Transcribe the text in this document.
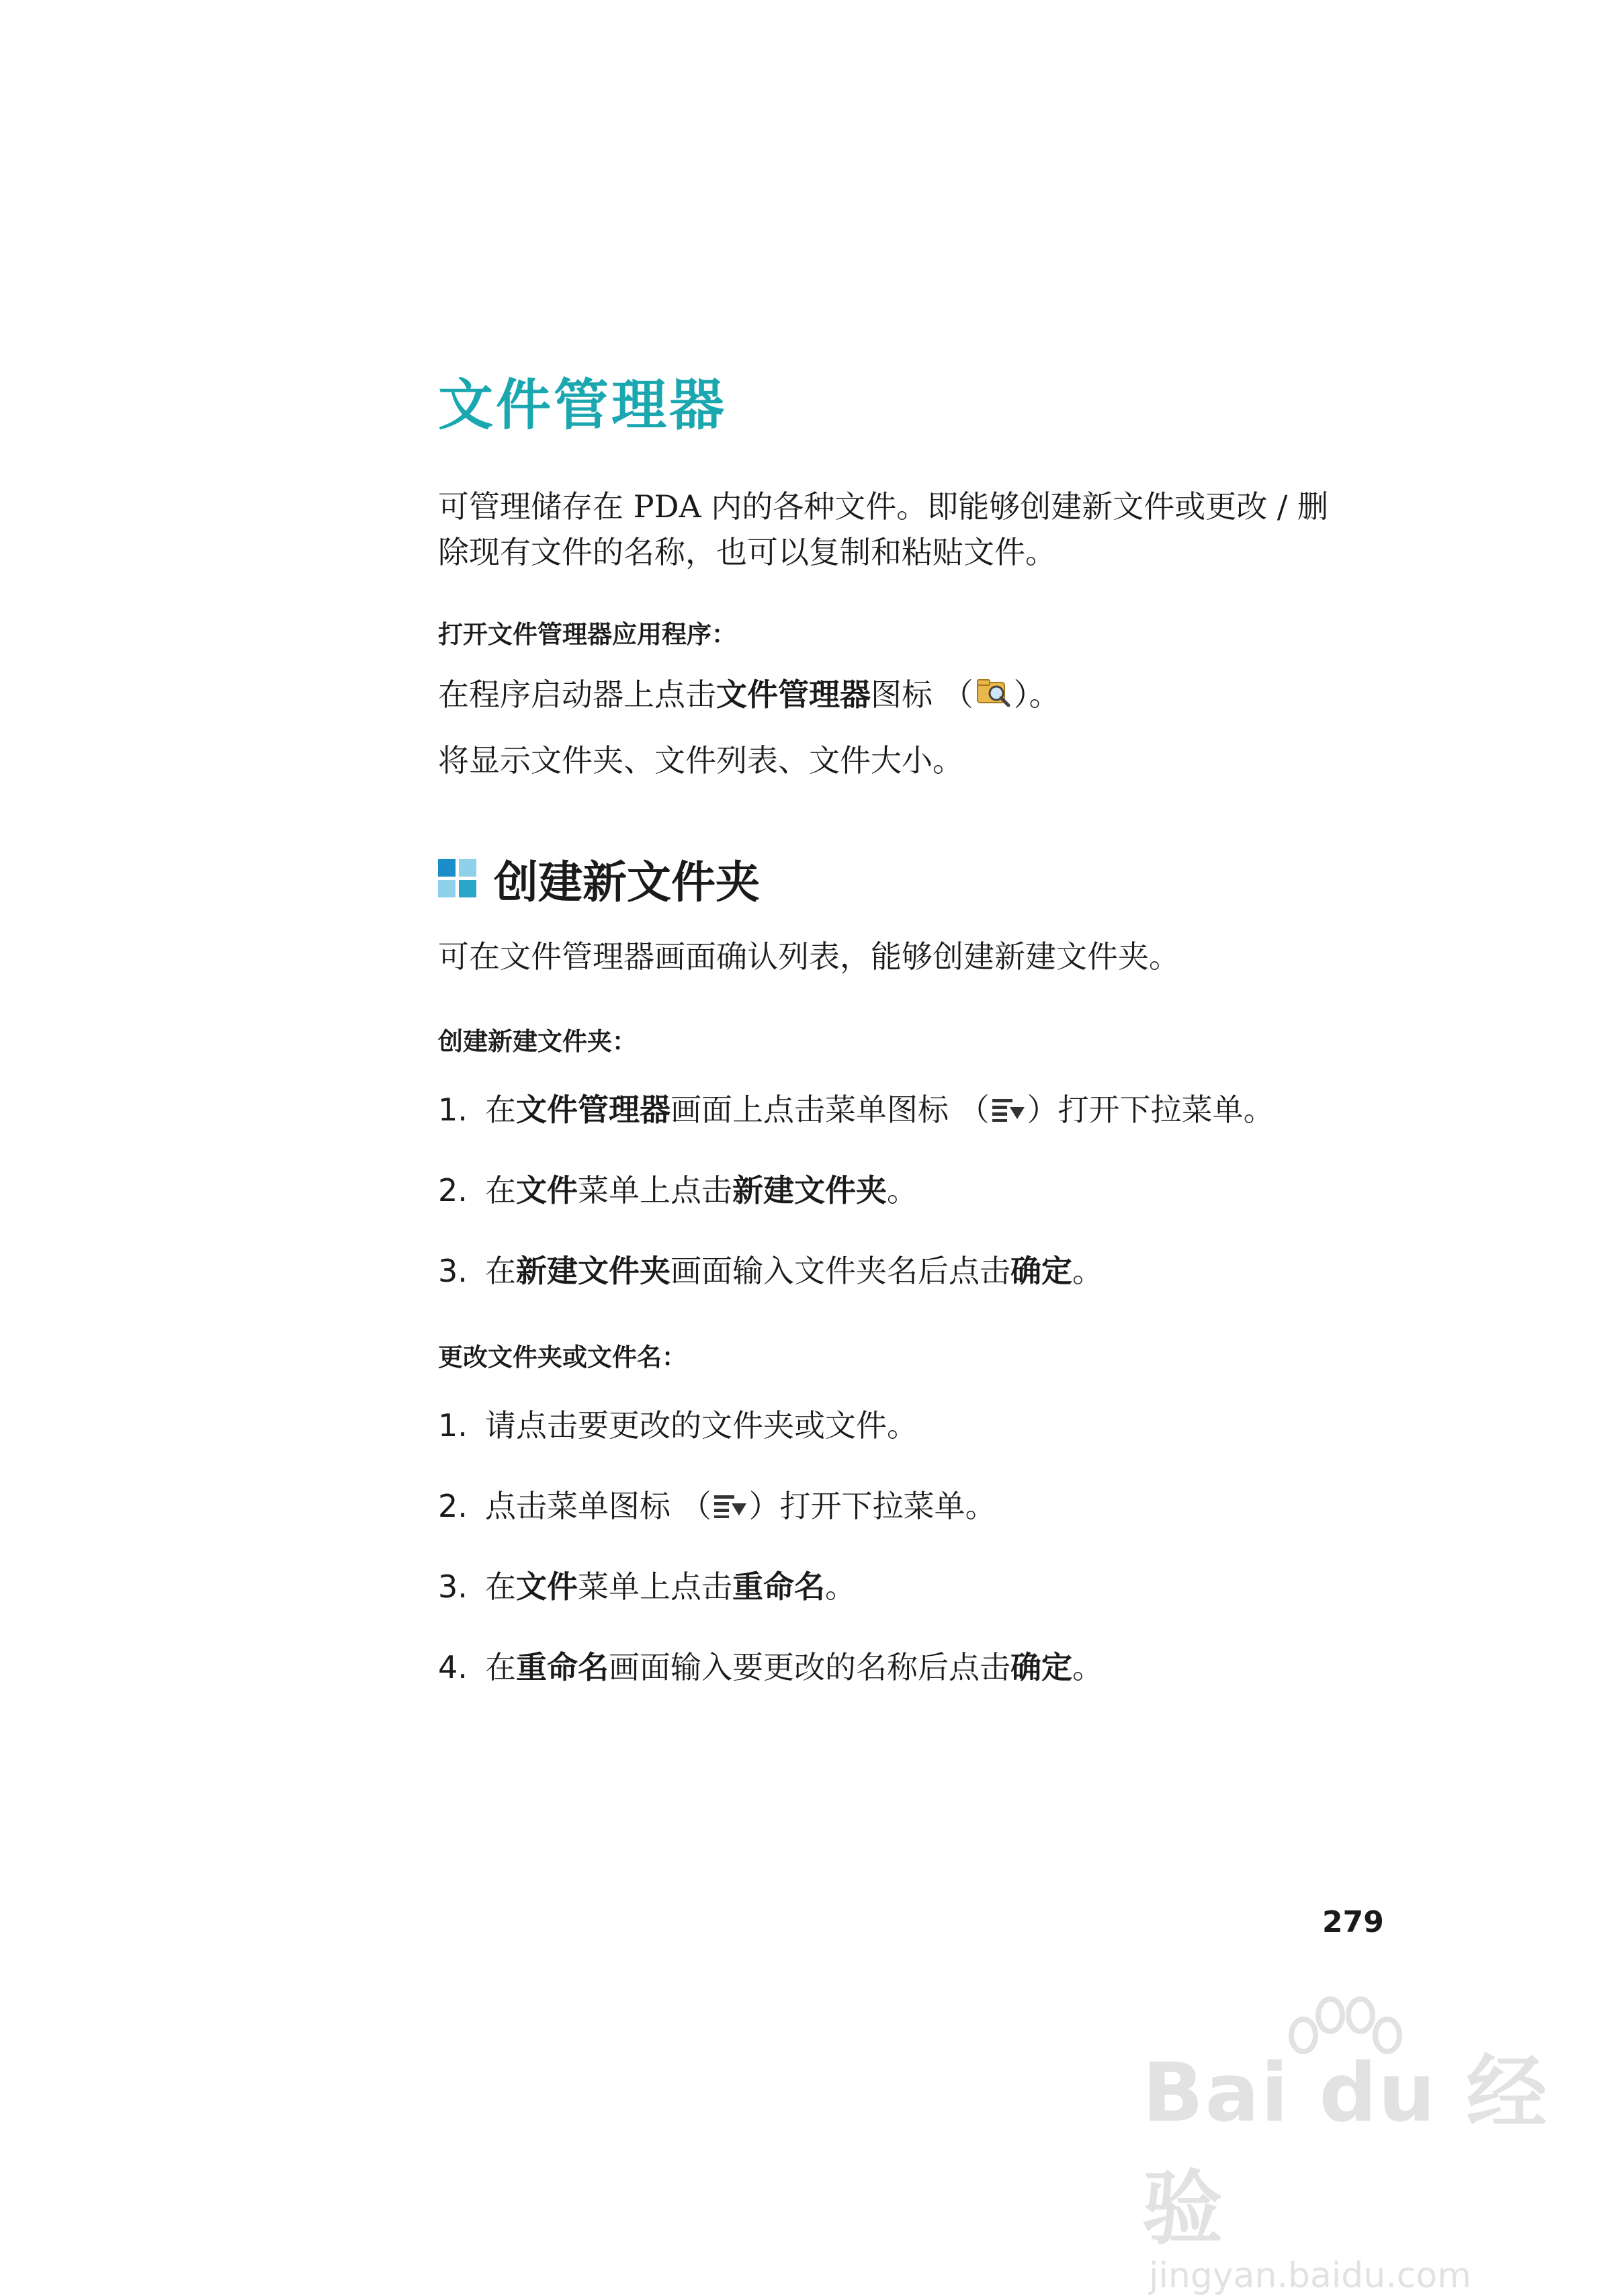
文件管理器
可管理储存在 PDA 内的各种文件。即能够创建新文件或更改 / 删
除现有文件的名称，也可以复制和粘贴文件。
打开文件管理器应用程序：
在程序启动器上点击文件管理器图标 （ ）。
将显示文件夹、文件列表、文件大小。
创建新文件夹
可在文件管理器画面确认列表，能够创建新建文件夹。
创建新建文件夹：
1. 在文件管理器画面上点击菜单图标 （ ）打开下拉菜单。
2. 在文件菜单上点击新建文件夹。
3. 在新建文件夹画面输入文件夹名后点击确定。
更改文件夹或文件名：
1. 请点击要更改的文件夹或文件。
2. 点击菜单图标 （ ）打开下拉菜单。
3. 在文件菜单上点击重命名。
4. 在重命名画面输入要更改的名称后点击确定。
279
Bai du 经验
jingyan.baidu.com
